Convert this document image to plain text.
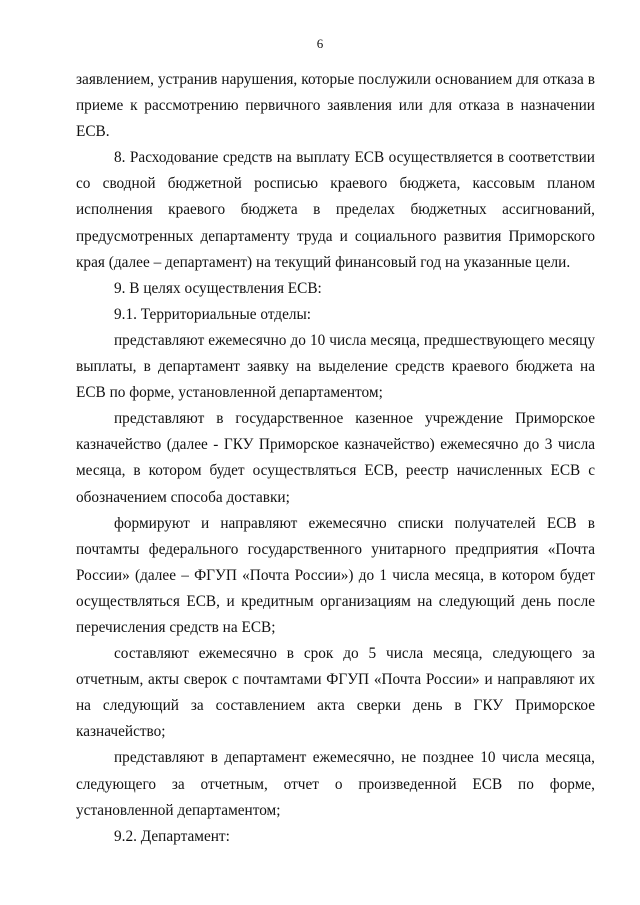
6

заявлением, устранив нарушения, которые послужили основанием для отказа в приеме к рассмотрению первичного заявления или для отказа в назначении ЕСВ.

8. Расходование средств на выплату ЕСВ осуществляется в соответствии со сводной бюджетной росписью краевого бюджета, кассовым планом исполнения краевого бюджета в пределах бюджетных ассигнований, предусмотренных департаменту труда и социального развития Приморского края (далее – департамент) на текущий финансовый год на указанные цели.

9. В целях осуществления ЕСВ:

9.1. Территориальные отделы:

представляют ежемесячно до 10 числа месяца, предшествующего месяцу выплаты, в департамент заявку на выделение средств краевого бюджета на ЕСВ по форме, установленной департаментом;

представляют в государственное казенное учреждение Приморское казначейство (далее - ГКУ Приморское казначейство) ежемесячно до 3 числа месяца, в котором будет осуществляться ЕСВ, реестр начисленных ЕСВ с обозначением способа доставки;

формируют и направляют ежемесячно списки получателей ЕСВ в почтамты федерального государственного унитарного предприятия «Почта России» (далее – ФГУП «Почта России») до 1 числа месяца, в котором будет осуществляться ЕСВ, и кредитным организациям на следующий день после перечисления средств на ЕСВ;

составляют ежемесячно в срок до 5 числа месяца, следующего за отчетным, акты сверок с почтамтами ФГУП «Почта России» и направляют их на следующий за составлением акта сверки день в ГКУ Приморское казначейство;

представляют в департамент ежемесячно, не позднее 10 числа месяца, следующего за отчетным, отчет о произведенной ЕСВ по форме, установленной департаментом;

9.2. Департамент:
